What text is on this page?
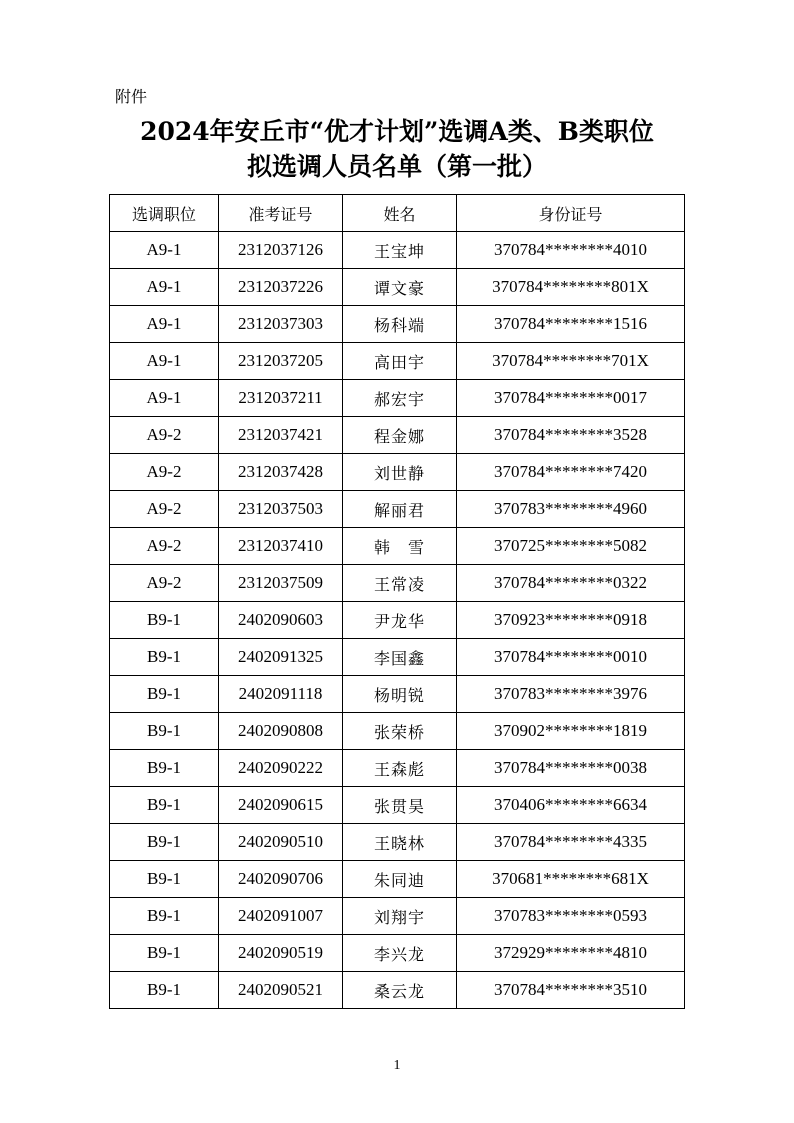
附件
2024年安丘市“优才计划”选调A类、B类职位
拟选调人员名单（第一批）
选调职位	准考证号	姓名	身份证号
A9-1	2312037126	王宝坤	370784********4010
A9-1	2312037226	谭文豪	370784********801X
A9-1	2312037303	杨科端	370784********1516
A9-1	2312037205	高田宇	370784********701X
A9-1	2312037211	郝宏宇	370784********0017
A9-2	2312037421	程金娜	370784********3528
A9-2	2312037428	刘世静	370784********7420
A9-2	2312037503	解丽君	370783********4960
A9-2	2312037410	韩　雪	370725********5082
A9-2	2312037509	王常凌	370784********0322
B9-1	2402090603	尹龙华	370923********0918
B9-1	2402091325	李国鑫	370784********0010
B9-1	2402091118	杨明锐	370783********3976
B9-1	2402090808	张荣桥	370902********1819
B9-1	2402090222	王森彪	370784********0038
B9-1	2402090615	张贯昊	370406********6634
B9-1	2402090510	王晓林	370784********4335
B9-1	2402090706	朱同迪	370681********681X
B9-1	2402091007	刘翔宇	370783********0593
B9-1	2402090519	李兴龙	372929********4810
B9-1	2402090521	桑云龙	370784********3510
1
